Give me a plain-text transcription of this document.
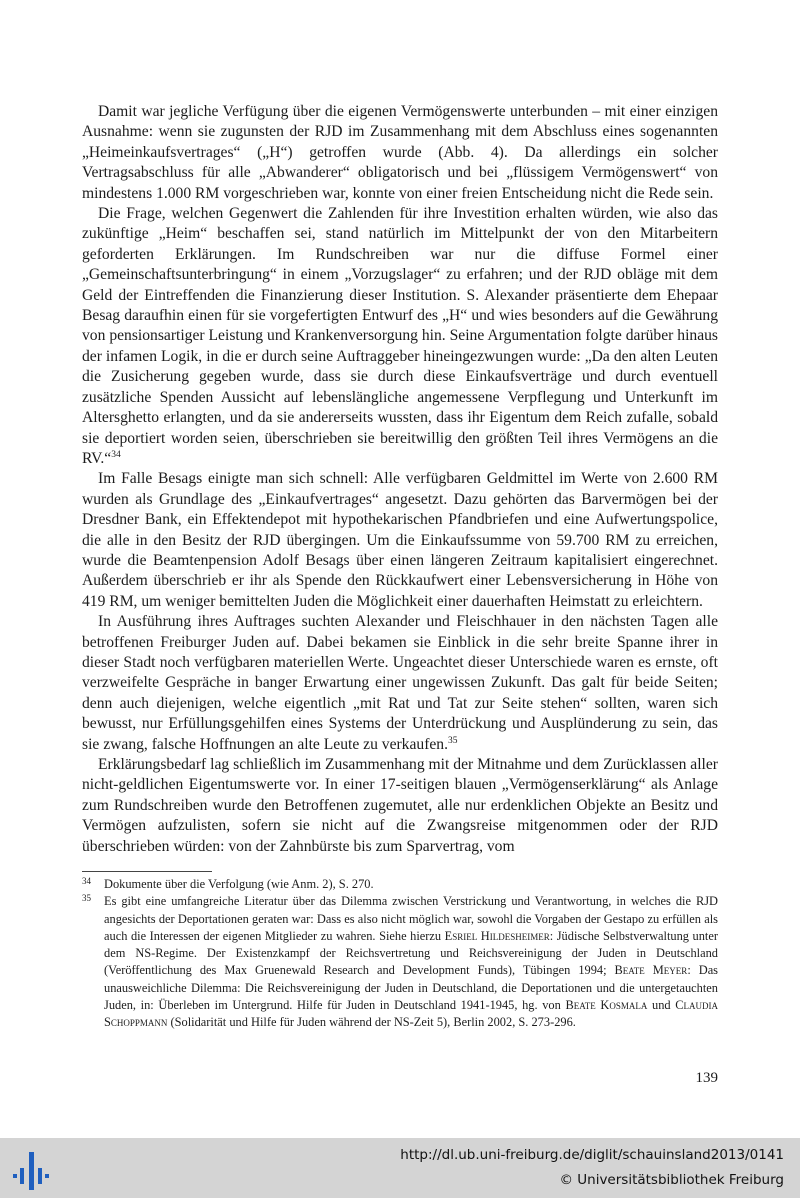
Damit war jegliche Verfügung über die eigenen Vermögenswerte unterbunden – mit einer einzigen Ausnahme: wenn sie zugunsten der RJD im Zusammenhang mit dem Abschluss eines sogenannten „Heimeinkaufsvertrages“ („H“) getroffen wurde (Abb. 4). Da allerdings ein solcher Vertragsabschluss für alle „Abwanderer“ obligatorisch und bei „flüssigem Vermögenswert“ von mindestens 1.000 RM vorgeschrieben war, konnte von einer freien Entscheidung nicht die Rede sein.

Die Frage, welchen Gegenwert die Zahlenden für ihre Investition erhalten würden, wie also das zukünftige „Heim“ beschaffen sei, stand natürlich im Mittelpunkt der von den Mitarbeitern geforderten Erklärungen. Im Rundschreiben war nur die diffuse Formel einer „Gemeinschaftsunterbringung“ in einem „Vorzugslager“ zu erfahren; und der RJD obläge mit dem Geld der Eintreffenden die Finanzierung dieser Institution. S. Alexander präsentierte dem Ehepaar Besag daraufhin einen für sie vorgefertigten Entwurf des „H“ und wies besonders auf die Gewährung von pensionsartiger Leistung und Krankenversorgung hin. Seine Argumentation folgte darüber hinaus der infamen Logik, in die er durch seine Auftraggeber hineingezwungen wurde: „Da den alten Leuten die Zusicherung gegeben wurde, dass sie durch diese Einkaufsverträge und durch eventuell zusätzliche Spenden Aussicht auf lebenslängliche angemessene Verpflegung und Unterkunft im Altersghetto erlangten, und da sie andererseits wussten, dass ihr Eigentum dem Reich zufalle, sobald sie deportiert worden seien, überschrieben sie bereitwillig den größten Teil ihres Vermögens an die RV.“$^{34}$

Im Falle Besags einigte man sich schnell: Alle verfügbaren Geldmittel im Werte von 2.600 RM wurden als Grundlage des „Einkaufvertrages“ angesetzt. Dazu gehörten das Barvermögen bei der Dresdner Bank, ein Effektendepot mit hypothekarischen Pfandbriefen und eine Aufwertungspolice, die alle in den Besitz der RJD übergingen. Um die Einkaufssumme von 59.700 RM zu erreichen, wurde die Beamtenpension Adolf Besags über einen längeren Zeitraum kapitalisiert eingerechnet. Außerdem überschrieb er ihr als Spende den Rückkaufwert einer Lebensversicherung in Höhe von 419 RM, um weniger bemittelten Juden die Möglichkeit einer dauerhaften Heimstatt zu erleichtern.

In Ausführung ihres Auftrages suchten Alexander und Fleischhauer in den nächsten Tagen alle betroffenen Freiburger Juden auf. Dabei bekamen sie Einblick in die sehr breite Spanne ihrer in dieser Stadt noch verfügbaren materiellen Werte. Ungeachtet dieser Unterschiede waren es ernste, oft verzweifelte Gespräche in banger Erwartung einer ungewissen Zukunft. Das galt für beide Seiten; denn auch diejenigen, welche eigentlich „mit Rat und Tat zur Seite stehen“ sollten, waren sich bewusst, nur Erfüllungsgehilfen eines Systems der Unterdrückung und Ausplünderung zu sein, das sie zwang, falsche Hoffnungen an alte Leute zu verkaufen.$^{35}$

Erklärungsbedarf lag schließlich im Zusammenhang mit der Mitnahme und dem Zurücklassen aller nicht-geldlichen Eigentumswerte vor. In einer 17-seitigen blauen „Vermögenserklärung“ als Anlage zum Rundschreiben wurde den Betroffenen zugemutet, alle nur erdenklichen Objekte an Besitz und Vermögen aufzulisten, sofern sie nicht auf die Zwangsreise mitgenommen oder der RJD überschrieben würden: von der Zahnbürste bis zum Sparvertrag, vom

34 Dokumente über die Verfolgung (wie Anm. 2), S. 270.

35 Es gibt eine umfangreiche Literatur über das Dilemma zwischen Verstrickung und Verantwortung, in welches die RJD angesichts der Deportationen geraten war: Dass es also nicht möglich war, sowohl die Vorgaben der Gestapo zu erfüllen als auch die Interessen der eigenen Mitglieder zu wahren. Siehe hierzu Esriel Hildesheimer: Jüdische Selbstverwaltung unter dem NS-Regime. Der Existenzkampf der Reichsvertretung und Reichsvereinigung der Juden in Deutschland (Veröffentlichung des Max Gruenewald Research and Development Funds), Tübingen 1994; Beate Meyer: Das unausweichliche Dilemma: Die Reichsvereinigung der Juden in Deutschland, die Deportationen und die untergetauchten Juden, in: Überleben im Untergrund. Hilfe für Juden in Deutschland 1941-1945, hg. von Beate Kosmala und Claudia Schoppmann (Solidarität und Hilfe für Juden während der NS-Zeit 5), Berlin 2002, S. 273-296.

139
http://dl.ub.uni-freiburg.de/diglit/schauinsland2013/0141
© Universitätsbibliothek Freiburg
